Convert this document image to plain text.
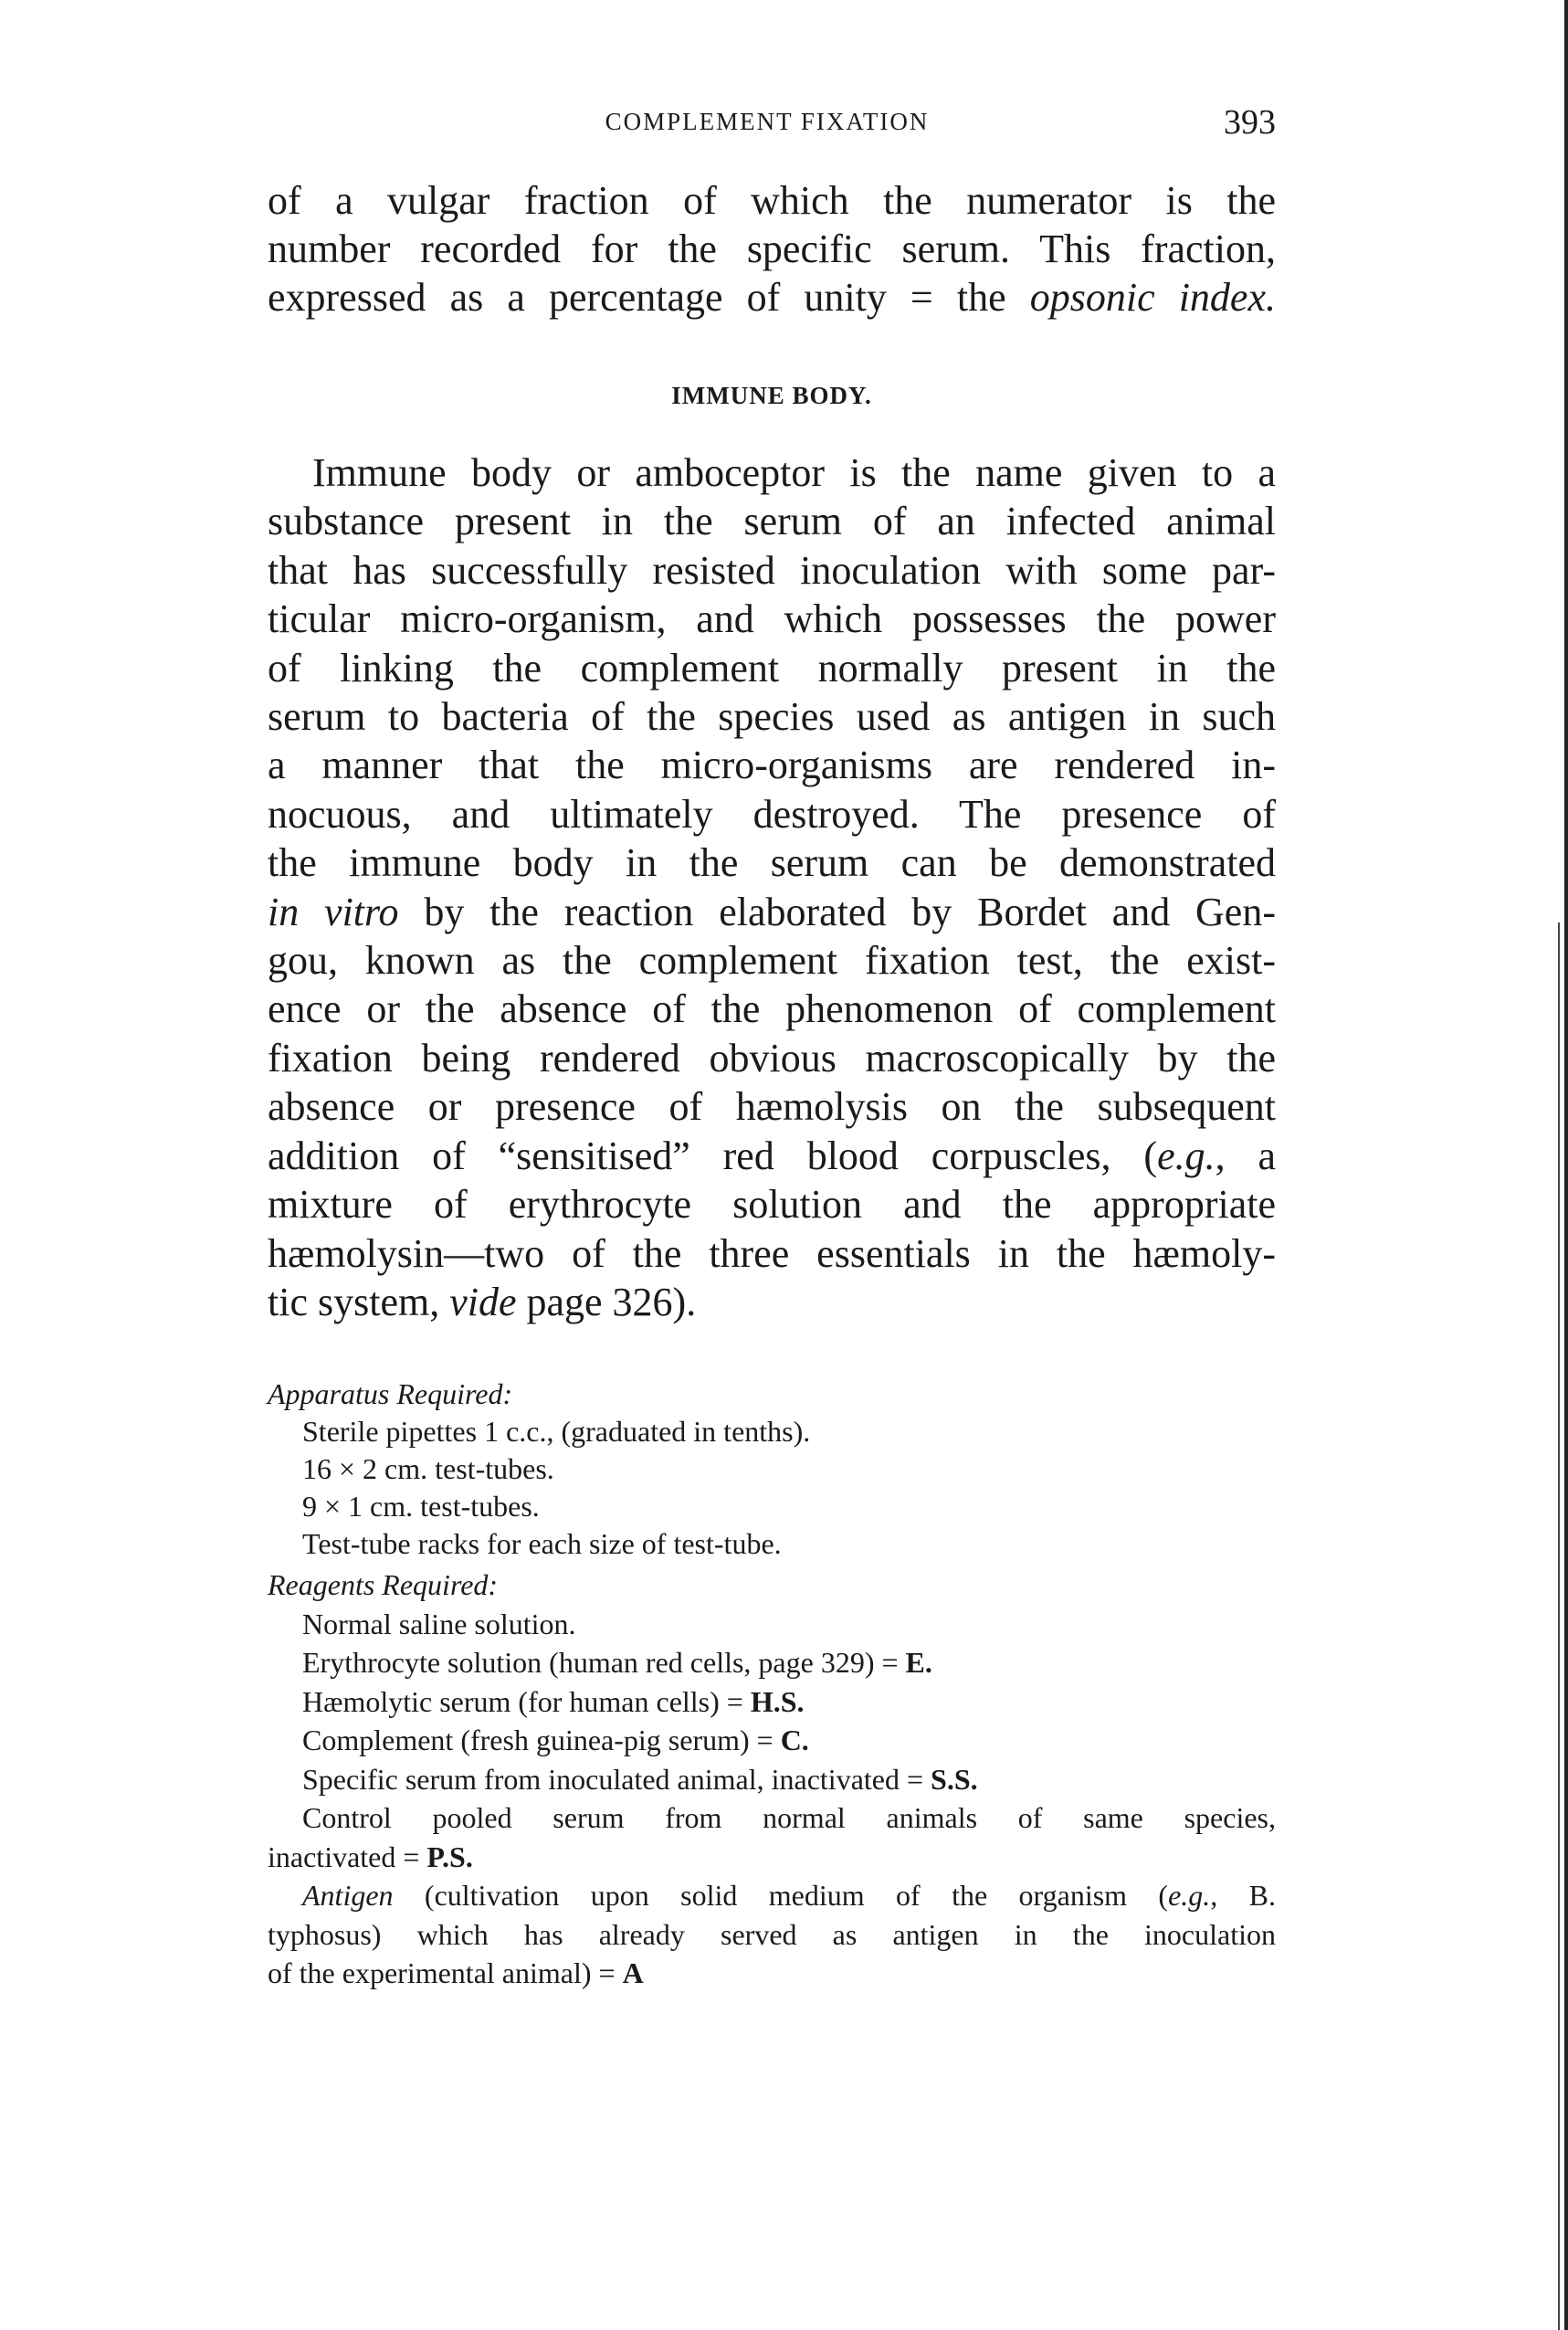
COMPLEMENT FIXATION	393
of a vulgar fraction of which the numerator is the
number recorded for the specific serum. This fraction,
expressed as a percentage of unity = the opsonic index.
IMMUNE BODY.
Immune body or amboceptor is the name given to a
substance present in the serum of an infected animal
that has successfully resisted inoculation with some par-
ticular micro-organism, and which possesses the power
of linking the complement normally present in the
serum to bacteria of the species used as antigen in such
a manner that the micro-organisms are rendered in-
nocuous, and ultimately destroyed. The presence of
the immune body in the serum can be demonstrated
in vitro by the reaction elaborated by Bordet and Gen-
gou, known as the complement fixation test, the exist-
ence or the absence of the phenomenon of complement
fixation being rendered obvious macroscopically by the
absence or presence of hæmolysis on the subsequent
addition of “sensitised” red blood corpuscles, (e.g., a
mixture of erythrocyte solution and the appropriate
hæmolysin—two of the three essentials in the hæmoly-
tic system, vide page 326).
Apparatus Required:
Sterile pipettes 1 c.c., (graduated in tenths).
16 × 2 cm. test-tubes.
9 × 1 cm. test-tubes.
Test-tube racks for each size of test-tube.
Reagents Required:
Normal saline solution.
Erythrocyte solution (human red cells, page 329) = E.
Hæmolytic serum (for human cells) = H.S.
Complement (fresh guinea-pig serum) = C.
Specific serum from inoculated animal, inactivated = S.S.
Control pooled serum from normal animals of same species,
inactivated = P.S.
Antigen (cultivation upon solid medium of the organism (e.g., B.
typhosus) which has already served as antigen in the inoculation
of the experimental animal) = A
